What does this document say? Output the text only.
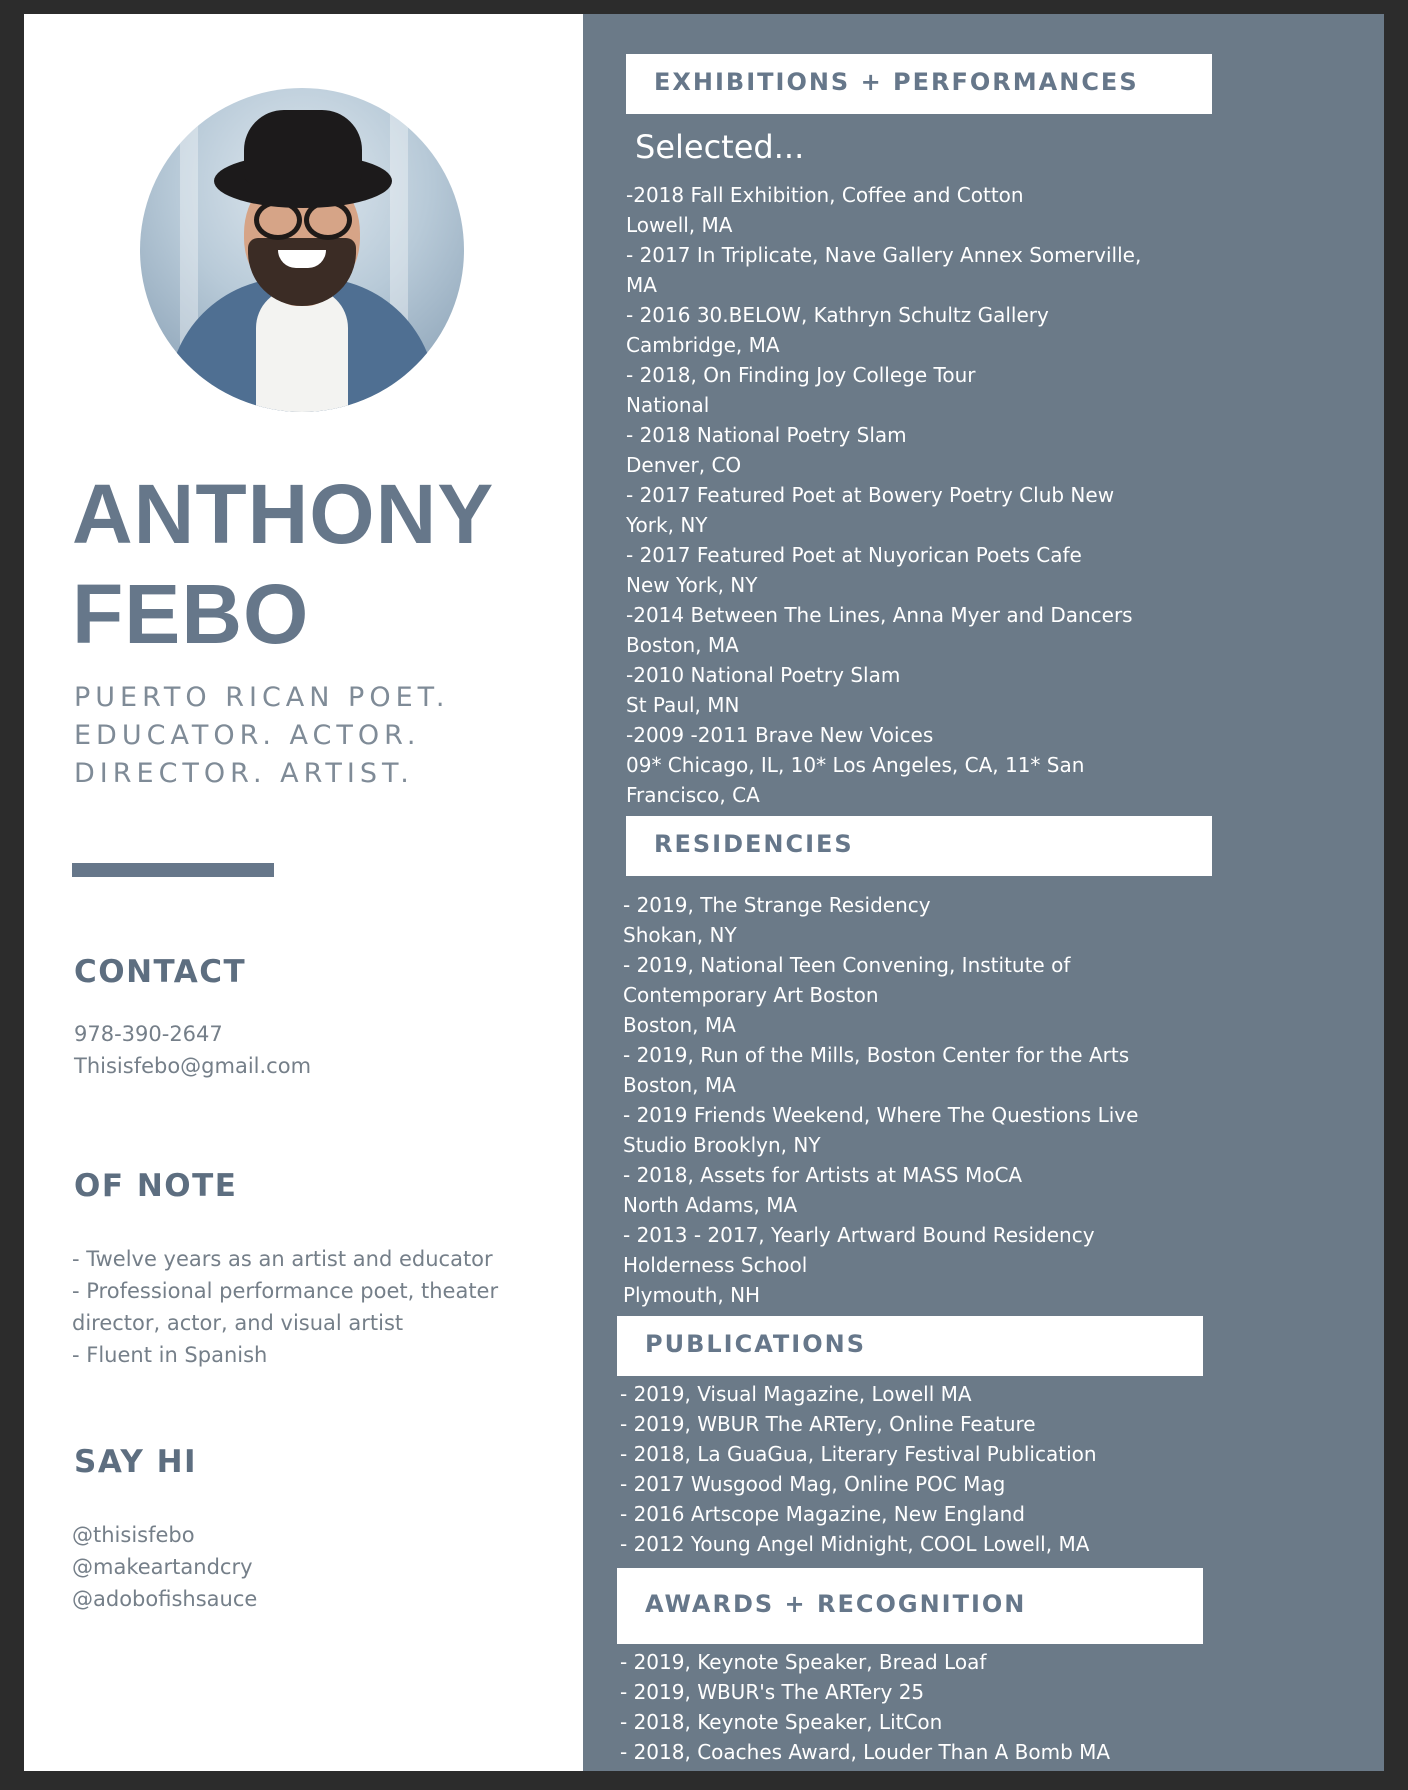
ANTHONY
FEBO
PUERTO RICAN POET.
EDUCATOR. ACTOR.
DIRECTOR. ARTIST.
CONTACT
978-390-2647
Thisisfebo@gmail.com
OF NOTE
- Twelve years as an artist and educator
- Professional performance poet, theater
director, actor, and visual artist
- Fluent in Spanish
SAY HI
@thisisfebo
@makeartandcry
@adobofishsauce
EXHIBITIONS + PERFORMANCES
Selected...
-2018 Fall Exhibition, Coffee and Cotton
Lowell, MA
- 2017 In Triplicate, Nave Gallery Annex Somerville,
MA
- 2016 30.BELOW, Kathryn Schultz Gallery
Cambridge, MA
- 2018, On Finding Joy College Tour
National
- 2018 National Poetry Slam
Denver, CO
- 2017 Featured Poet at Bowery Poetry Club New
York, NY
- 2017 Featured Poet at Nuyorican Poets Cafe
New York, NY
-2014 Between The Lines, Anna Myer and Dancers
Boston, MA
-2010 National Poetry Slam
St Paul, MN
-2009 -2011 Brave New Voices
09* Chicago, IL, 10* Los Angeles, CA, 11* San
Francisco, CA
RESIDENCIES
- 2019, The Strange Residency
Shokan, NY
- 2019, National Teen Convening, Institute of
Contemporary Art Boston
Boston, MA
- 2019, Run of the Mills, Boston Center for the Arts
Boston, MA
- 2019 Friends Weekend, Where The Questions Live
Studio Brooklyn, NY
- 2018, Assets for Artists at MASS MoCA
North Adams, MA
- 2013 - 2017, Yearly Artward Bound Residency
Holderness School
Plymouth, NH
PUBLICATIONS
- 2019, Visual Magazine, Lowell MA
- 2019, WBUR The ARTery, Online Feature
- 2018, La GuaGua, Literary Festival Publication
- 2017 Wusgood Mag, Online POC Mag
- 2016 Artscope Magazine, New England
- 2012 Young Angel Midnight, COOL Lowell, MA
AWARDS + RECOGNITION
- 2019, Keynote Speaker, Bread Loaf
- 2019, WBUR's The ARTery 25
- 2018, Keynote Speaker, LitCon
- 2018, Coaches Award, Louder Than A Bomb MA
